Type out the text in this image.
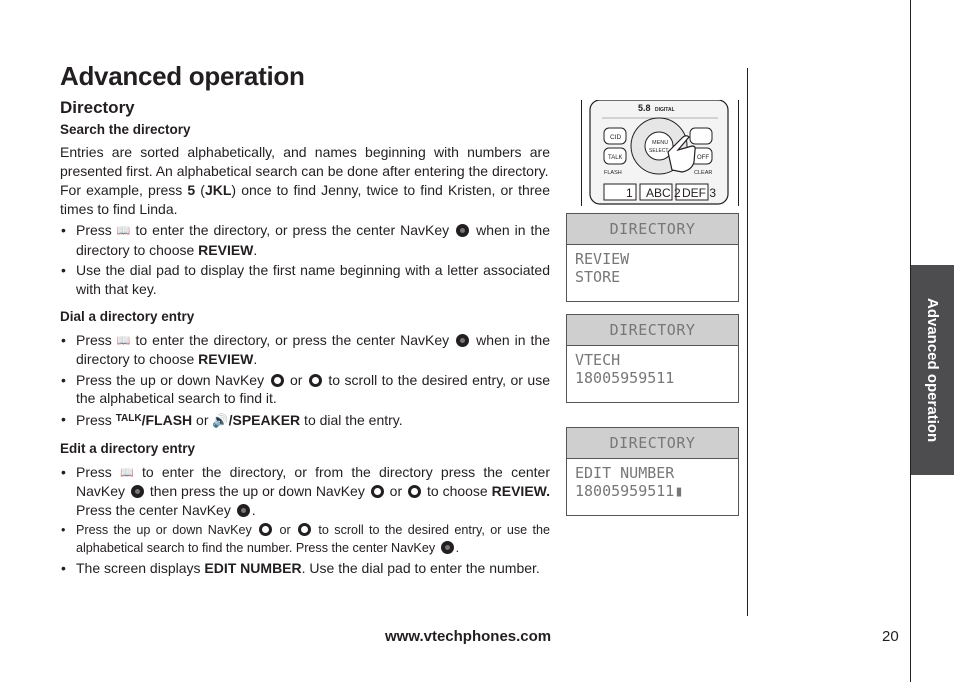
Advanced operation
Advanced operation
Directory
Search the directory

Entries are sorted alphabetically, and names beginning with numbers are presented first. An alphabetical search can be done after entering the directory.

For example, press 5 (JKL) once to find Jenny, twice to find Kristen, or three times to find Linda.

• Press 📖 to enter the directory, or press the center NavKey  when in the directory to choose REVIEW.
• Use the dial pad to display the first name beginning with a letter associated with that key.
Dial a directory entry
• Press 📖 to enter the directory, or press the center NavKey  when in the directory to choose REVIEW.
• Press the up or down NavKey  or  to scroll to the desired entry, or use the alphabetical search to find it.
• Press $^{TALK}$/FLASH or 🔊/SPEAKER to dial the entry.
Edit a directory entry
• Press 📖 to enter the directory, or from the directory press the center NavKey  then press the up or down NavKey  or  to choose REVIEW. Press the center NavKey .
• Press the up or down NavKey  or  to scroll to the desired entry, or use the alphabetical search to find the number. Press the center NavKey .
• The screen displays EDIT NUMBER. Use the dial pad to enter the number.
5.8 DIGITAL
CID
TALK
FLASH
OFF
CLEAR
MENU
SELECT
1 ABC 2 DEF 3
DIRECTORY
REVIEW
STORE
DIRECTORY
VTECH
18005959511
DIRECTORY
EDIT NUMBER
18005959511▮
www.vtechphones.com	20
